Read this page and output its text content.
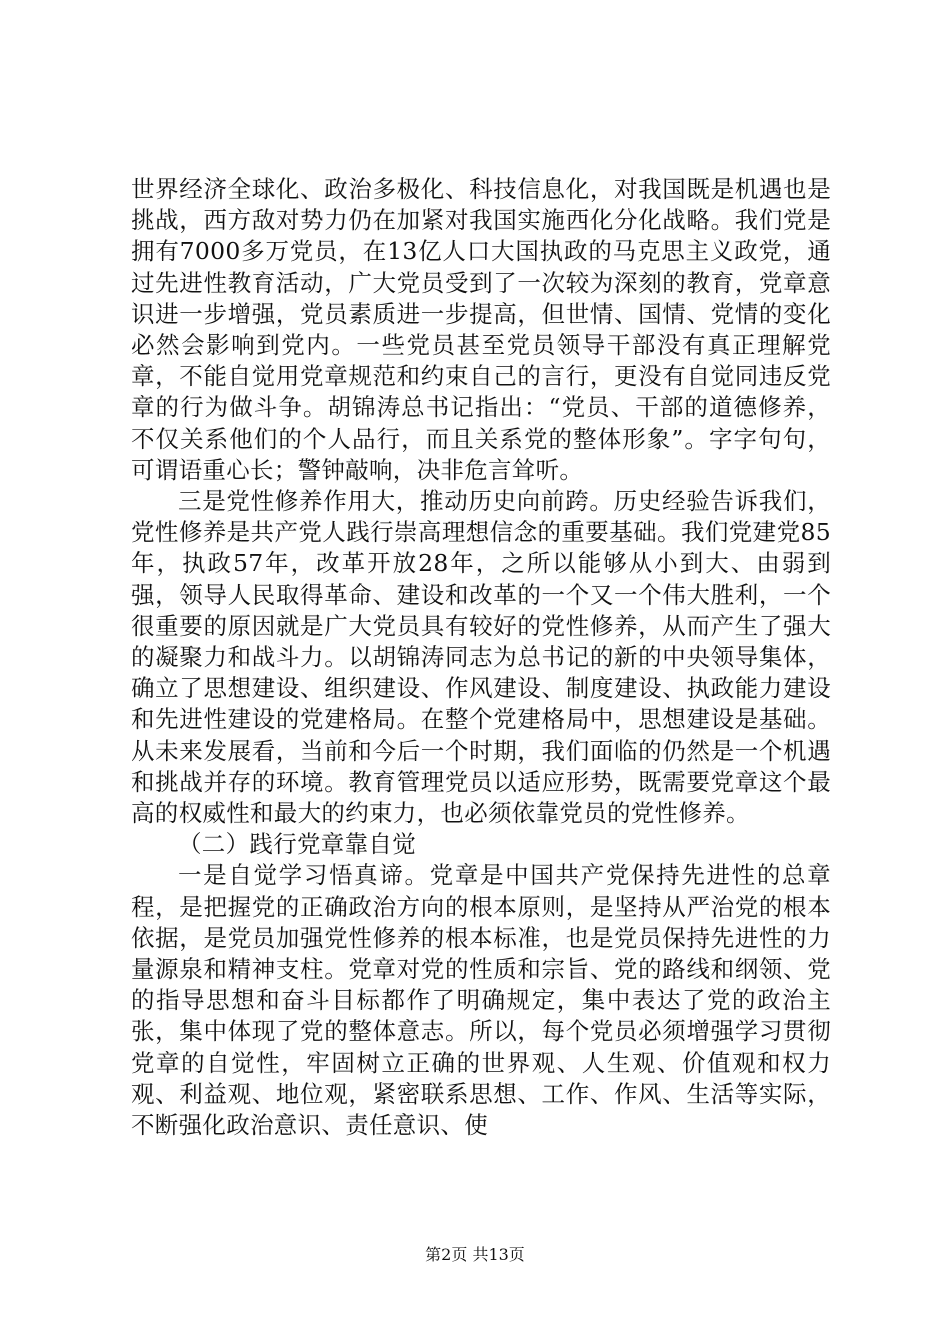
世界经济全球化、政治多极化、科技信息化，对我国既是机遇也是挑战，西方敌对势力仍在加紧对我国实施西化分化战略。我们党是拥有7000多万党员，在13亿人口大国执政的马克思主义政党，通过先进性教育活动，广大党员受到了一次较为深刻的教育，党章意识进一步增强，党员素质进一步提高，但世情、国情、党情的变化必然会影响到党内。一些党员甚至党员领导干部没有真正理解党章，不能自觉用党章规范和约束自己的言行，更没有自觉同违反党章的行为做斗争。胡锦涛总书记指出：“党员、干部的道德修养，不仅关系他们的个人品行，而且关系党的整体形象”。字字句句，可谓语重心长；警钟敲响，决非危言耸听。

三是党性修养作用大，推动历史向前跨。历史经验告诉我们，党性修养是共产党人践行崇高理想信念的重要基础。我们党建党85年，执政57年，改革开放28年，之所以能够从小到大、由弱到强，领导人民取得革命、建设和改革的一个又一个伟大胜利，一个很重要的原因就是广大党员具有较好的党性修养，从而产生了强大的凝聚力和战斗力。以胡锦涛同志为总书记的新的中央领导集体，确立了思想建设、组织建设、作风建设、制度建设、执政能力建设和先进性建设的党建格局。在整个党建格局中，思想建设是基础。从未来发展看，当前和今后一个时期，我们面临的仍然是一个机遇和挑战并存的环境。教育管理党员以适应形势，既需要党章这个最高的权威性和最大的约束力，也必须依靠党员的党性修养。

（二）践行党章靠自觉

一是自觉学习悟真谛。党章是中国共产党保持先进性的总章程，是把握党的正确政治方向的根本原则，是坚持从严治党的根本依据，是党员加强党性修养的根本标准，也是党员保持先进性的力量源泉和精神支柱。党章对党的性质和宗旨、党的路线和纲领、党的指导思想和奋斗目标都作了明确规定，集中表达了党的政治主张，集中体现了党的整体意志。所以，每个党员必须增强学习贯彻党章的自觉性，牢固树立正确的世界观、人生观、价值观和权力观、利益观、地位观，紧密联系思想、工作、作风、生活等实际，不断强化政治意识、责任意识、使

第2页 共13页
